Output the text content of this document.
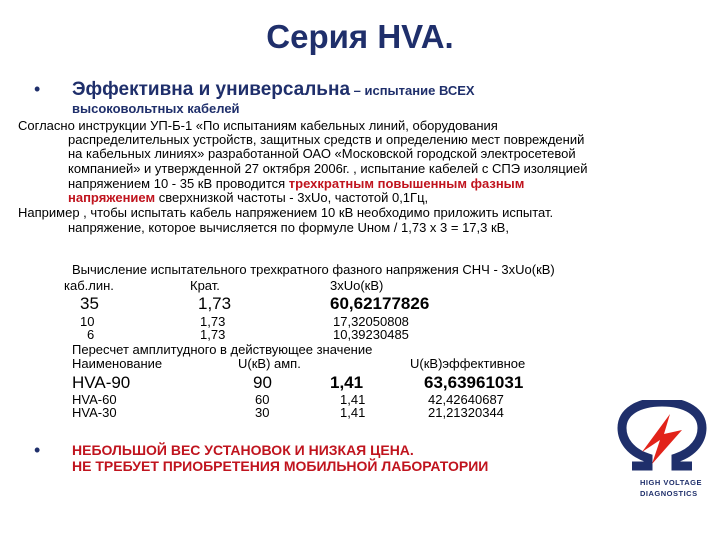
Серия HVA.
• Эффективна и универсальна – испытание ВСЕХ
высоковольтных кабелей
Согласно инструкции УП-Б-1 «По испытаниям кабельных линий, оборудования
распределительных устройств, защитных средств и определению мест повреждений
на кабельных линиях» разработанной ОАО «Московской городской электросетевой
компанией» и утвержденной 27 октября 2006г. , испытание кабелей с СПЭ изоляцией
напряжением 10 - 35 кВ проводится трехкратным повышенным фазным
напряжением сверхнизкой частоты - 3хUо, частотой 0,1Гц,
Например , чтобы испытать кабель напряжением 10 кВ необходимо приложить испытат.
напряжение, которое вычисляется по формуле Uном / 1,73 х 3 = 17,3 кВ,
Вычисление испытательного трехкратного фазного напряжения СНЧ - 3хUо(кВ)
каб.лин.	Крат.	3хUо(кВ)
35	1,73	60,62177826
10	1,73	17,32050808
6	1,73	10,39230485
Пересчет амплитудного в действующее значение
Наименование	U(кВ) амп.	U(кВ)эффективное
HVA-90	90	1,41	63,63961031
HVA-60	60	1,41	42,42640687
HVA-30	30	1,41	21,21320344
• НЕБОЛЬШОЙ ВЕС УСТАНОВОК И НИЗКАЯ ЦЕНА.
НЕ ТРЕБУЕТ ПРИОБРЕТЕНИЯ МОБИЛЬНОЙ ЛАБОРАТОРИИ
HIGH VOLTAGE
DIAGNOSTICS
